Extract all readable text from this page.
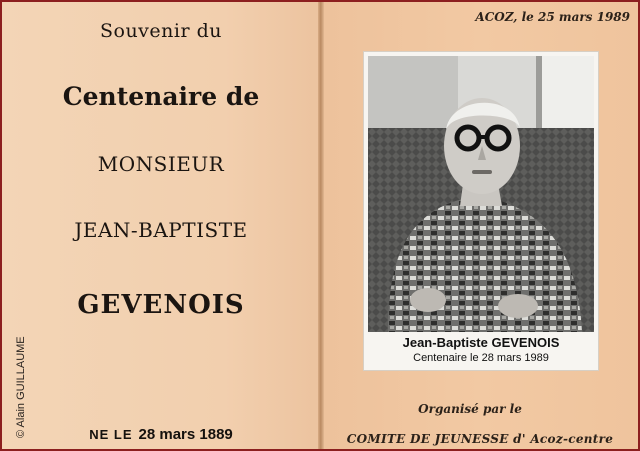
Souvenir du
Centenaire de
MONSIEUR
JEAN-BAPTISTE
GEVENOIS
NE LE 28 mars 1889
© Alain GUILLAUME
ACOZ, le 25 mars 1989
Jean-Baptiste GEVENOIS
Centenaire le 28 mars 1989
Organisé par le
COMITE DE JEUNESSE d' Acoz-centre
